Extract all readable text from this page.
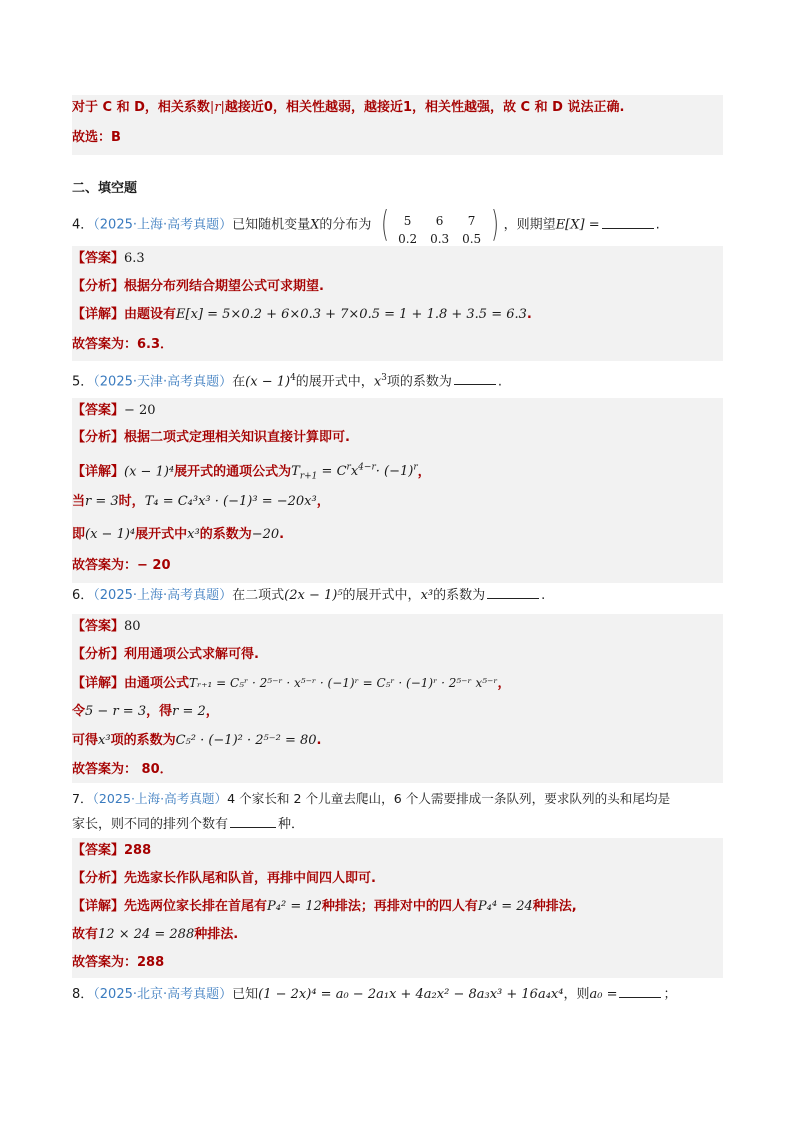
对于 C 和 D，相关系数|r|越接近0，相关性越弱，越接近1，相关性越强，故 C 和 D 说法正确.
故选：B
二、填空题
4．（2025·上海·高考真题）已知随机变量X的分布为 (	5	6	7
0.2	0.3	0.5 ) ，则期望E[X] =	.
【答案】6.3
【分析】根据分布列结合期望公式可求期望.
【详解】由题设有E[x] = 5×0.2 + 6×0.3 + 7×0.5 = 1 + 1.8 + 3.5 = 6.3.
故答案为：6.3．
5．（2025·天津·高考真题）在$(x - 1)^4$的展开式中，$x^3$项的系数为	.
【答案】− 20
【分析】根据二项式定理相关知识直接计算即可.
【详解】(x − 1)⁴展开式的通项公式为$T_{r+1} = C^rx^{4-r}\cdot (-1)^r$，
当r = 3时，T₄ = C₄³x³ · (−1)³ = −20x³，
即(x − 1)⁴展开式中x³的系数为−20.
故答案为：− 20
6．（2025·上海·高考真题）在二项式(2x − 1)⁵的展开式中，x³的系数为	.
【答案】80
【分析】利用通项公式求解可得.
【详解】由通项公式Tᵣ₊₁ = C₅ʳ · 2⁵⁻ʳ · x⁵⁻ʳ · (−1)ʳ = C₅ʳ · (−1)ʳ · 2⁵⁻ʳ x⁵⁻ʳ，
令5 − r = 3，得r = 2，
可得x³项的系数为C₅² · (−1)² · 2⁵⁻² = 80.
故答案为： 80．
7．（2025·上海·高考真题）4 个家长和 2 个儿童去爬山，6 个人需要排成一条队列，要求队列的头和尾均是
家长，则不同的排列个数有	种．
【答案】288
【分析】先选家长作队尾和队首，再排中间四人即可.
【详解】先选两位家长排在首尾有P₄² = 12种排法；再排对中的四人有P₄⁴ = 24种排法,
故有12 × 24 = 288种排法.
故答案为：288
8．（2025·北京·高考真题）已知(1 − 2x)⁴ = a₀ − 2a₁x + 4a₂x² − 8a₃x³ + 16a₄x⁴，则a₀ =	；
